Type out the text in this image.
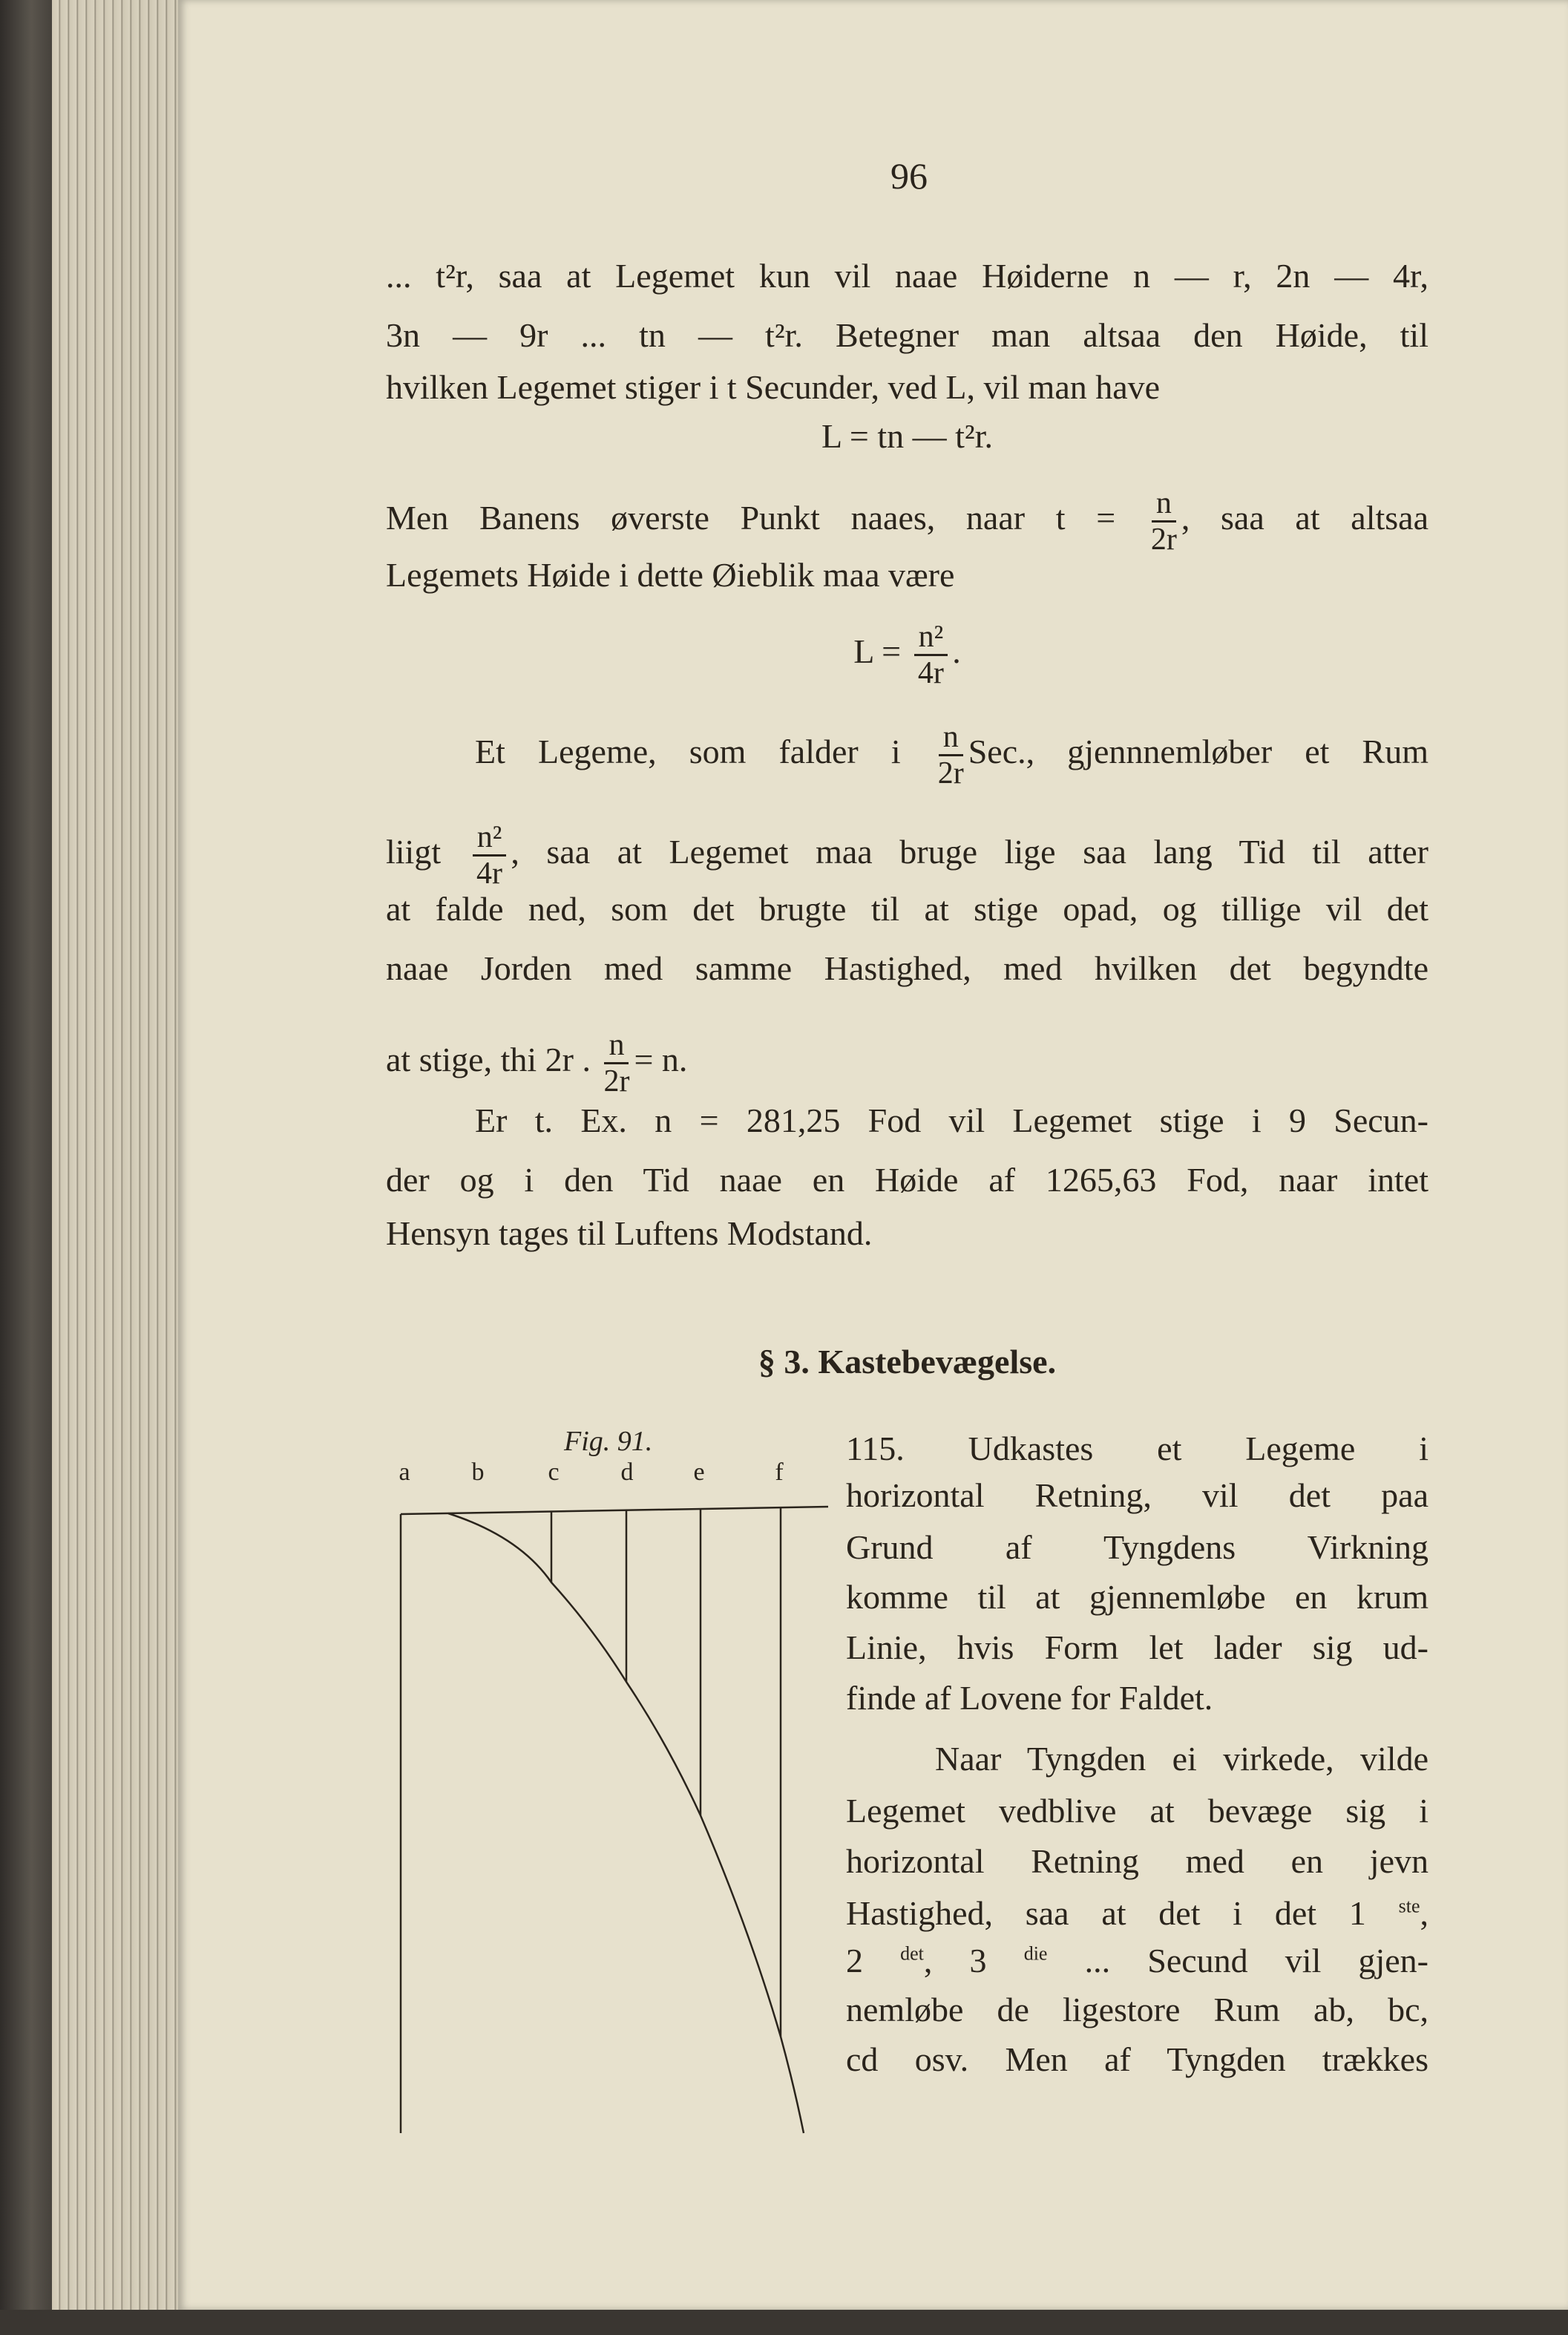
96
... t²r, saa at Legemet kun vil naae Høiderne n — r, 2n — 4r,
3n — 9r ... tn — t²r. Betegner man altsaa den Høide, til
hvilken Legemet stiger i t Secunder, ved L, vil man have
L = tn — t²r.
Men Banens øverste Punkt naaes, naar $t = \frac{n}{2r}$ , saa at altsaa
Legemets Høide i dette Øieblik maa være
$L = \frac{\text{n²}}{4r}$ .
Et Legeme, som falder i $\frac{n}{2r}$ Sec., gjennnemløber et Rum
liigt $\frac{\text{n²}}{4r}$ , saa at Legemet maa bruge lige saa lang Tid til atter
at falde ned, som det brugte til at stige opad, og tillige vil det
naae Jorden med samme Hastighed, med hvilken det begyndte
at stige, thi 2r . $\frac{n}{2r} = n$.
Er t. Ex. n = 281,25 Fod vil Legemet stige i 9 Secun-
der og i den Tid naae en Høide af 1265,63 Fod, naar intet
Hensyn tages til Luftens Modstand.
§ 3. Kastebevægelse.
115. Udkastes et Legeme i
horizontal Retning, vil det paa
Grund af Tyngdens Virkning
komme til at gjennemløbe en krum
Linie, hvis Form let lader sig ud-
finde af Lovene for Faldet.
Naar Tyngden ei virkede, vilde
Legemet vedblive at bevæge sig i
horizontal Retning med en jevn
Hastighed, saa at det i det 1 $^{ste}$,
2 $^{det}$, 3 $^{die}$ ... Secund vil gjen-
nemløbe de ligestore Rum ab, bc,
cd osv. Men af Tyngden trækkes
Fig. 91.
a b	c d e	f
